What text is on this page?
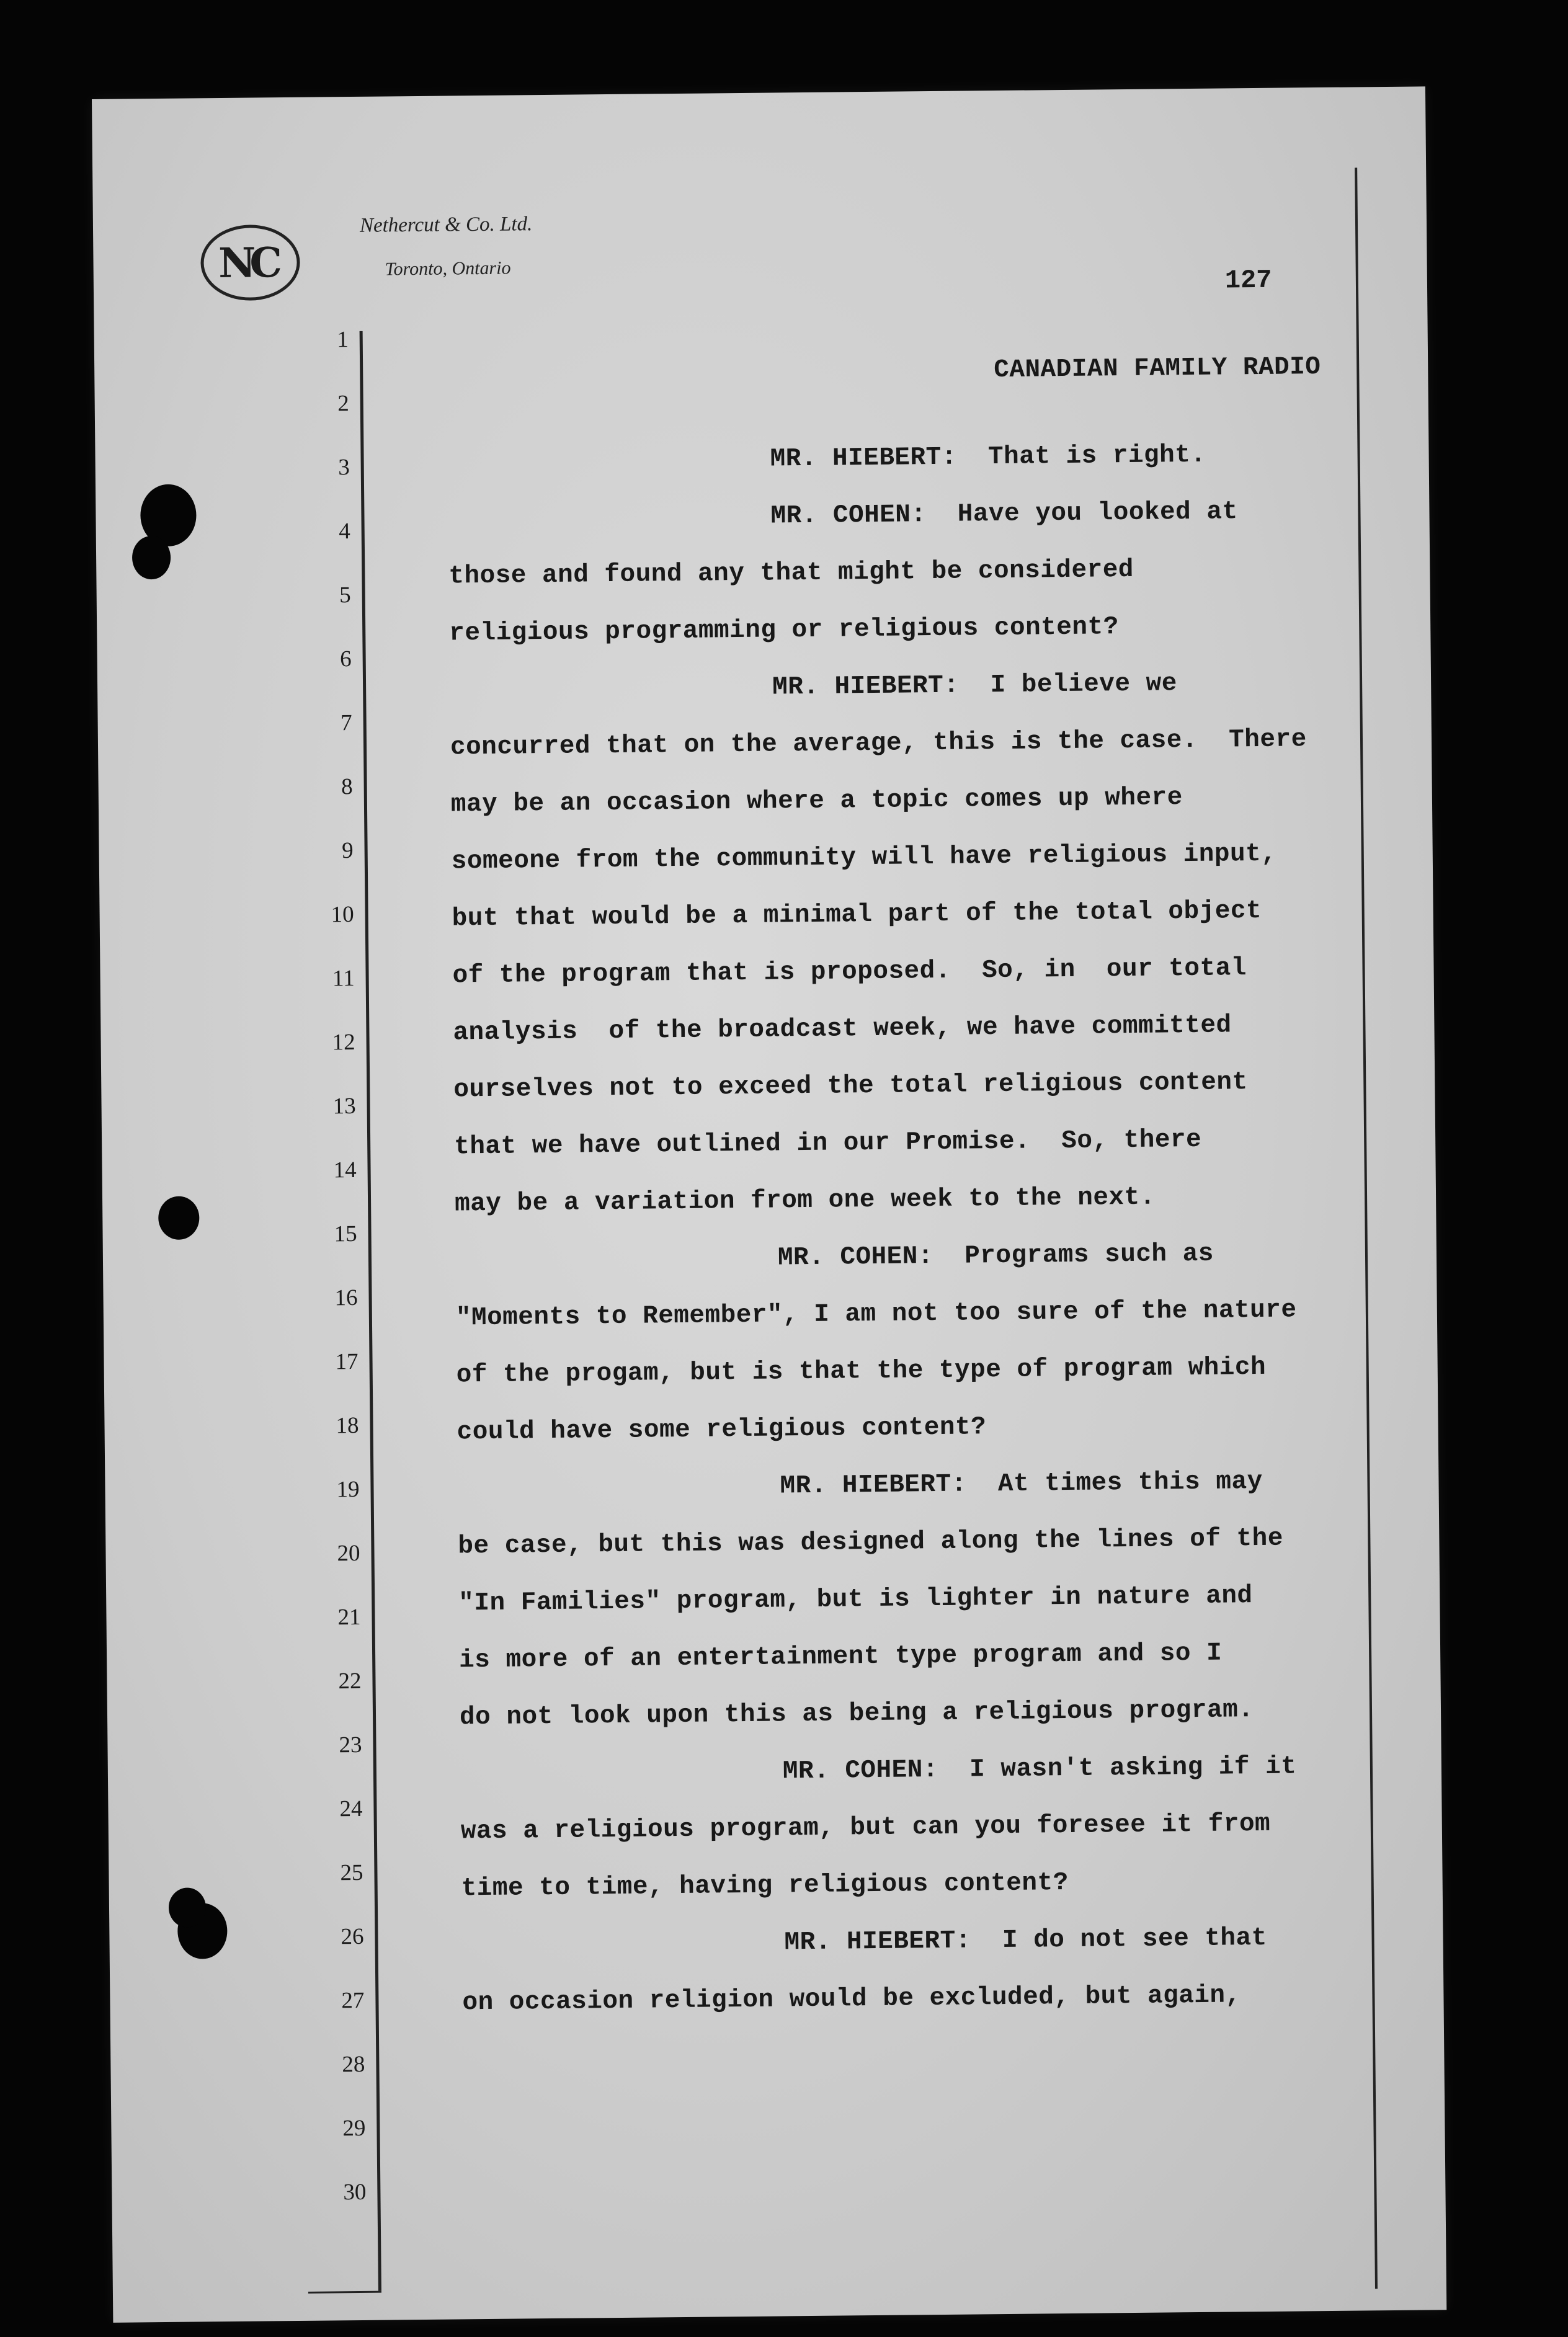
NC
Nethercut & Co. Ltd.
Toronto, Ontario	127
1
2
3
4
5
6
7
8
9
10
11
12
13
14
15
16
17
18
19
20
21
22
23
24
25
26
27
28
29
30
CANADIAN FAMILY RADIO
MR. HIEBERT:  That is right.
MR. COHEN:  Have you looked at
those and found any that might be considered
religious programming or religious content?
MR. HIEBERT:  I believe we
concurred that on the average, this is the case.  There
may be an occasion where a topic comes up where
someone from the community will have religious input,
but that would be a minimal part of the total object
of the program that is proposed.  So, in  our total
analysis  of the broadcast week, we have committed
ourselves not to exceed the total religious content
that we have outlined in our Promise.  So, there
may be a variation from one week to the next.
MR. COHEN:  Programs such as
"Moments to Remember", I am not too sure of the nature
of the progam, but is that the type of program which
could have some religious content?
MR. HIEBERT:  At times this may
be case, but this was designed along the lines of the
"In Families" program, but is lighter in nature and
is more of an entertainment type program and so I
do not look upon this as being a religious program.
MR. COHEN:  I wasn't asking if it
was a religious program, but can you foresee it from
time to time, having religious content?
MR. HIEBERT:  I do not see that
on occasion religion would be excluded, but again,
